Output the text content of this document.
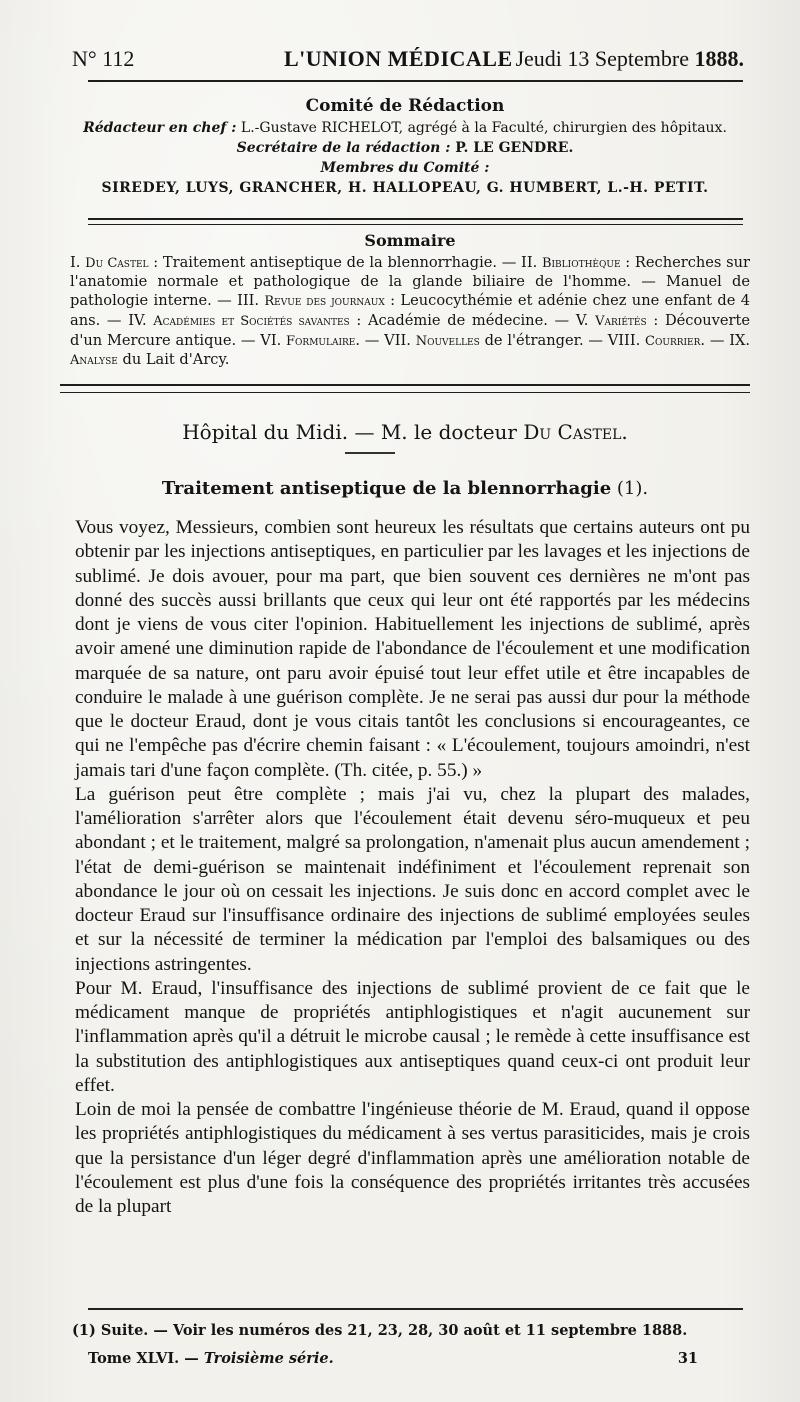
N° 112	L'UNION MÉDICALE Jeudi 13 Septembre 1888.
Comité de Rédaction
Rédacteur en chef : L.-Gustave RICHELOT, agrégé à la Faculté, chirurgien des hôpitaux.
Secrétaire de la rédaction : P. LE GENDRE.
Membres du Comité :
SIREDEY, LUYS, GRANCHER, H. HALLOPEAU, G. HUMBERT, L.-H. PETIT.
Sommaire
I. Du Castel : Traitement antiseptique de la blennorrhagie. — II. Bibliothèque : Recherches sur l'anatomie normale et pathologique de la glande biliaire de l'homme. — Manuel de pathologie interne. — III. Revue des journaux : Leucocythémie et adénie chez une enfant de 4 ans. — IV. Académies et Sociétés savantes : Académie de médecine. — V. Variétés : Découverte d'un Mercure antique. — VI. Formulaire. — VII. Nouvelles de l'étranger. — VIII. Courrier. — IX. Analyse du Lait d'Arcy.
Hôpital du Midi. — M. le docteur Du Castel.
Traitement antiseptique de la blennorrhagie (1).

Vous voyez, Messieurs, combien sont heureux les résultats que certains auteurs ont pu obtenir par les injections antiseptiques, en particulier par les lavages et les injections de sublimé. Je dois avouer, pour ma part, que bien souvent ces dernières ne m'ont pas donné des succès aussi brillants que ceux qui leur ont été rapportés par les médecins dont je viens de vous citer l'opinion. Habituellement les injections de sublimé, après avoir amené une diminution rapide de l'abondance de l'écoulement et une modification marquée de sa nature, ont paru avoir épuisé tout leur effet utile et être incapables de conduire le malade à une guérison complète. Je ne serai pas aussi dur pour la méthode que le docteur Eraud, dont je vous citais tantôt les conclusions si encourageantes, ce qui ne l'empêche pas d'écrire chemin faisant : « L'écoulement, toujours amoindri, n'est jamais tari d'une façon complète. (Th. citée, p. 55.) »

La guérison peut être complète ; mais j'ai vu, chez la plupart des malades, l'amélioration s'arrêter alors que l'écoulement était devenu séro-muqueux et peu abondant ; et le traitement, malgré sa prolongation, n'amenait plus aucun amendement ; l'état de demi-guérison se maintenait indéfiniment et l'écoulement reprenait son abondance le jour où on cessait les injections. Je suis donc en accord complet avec le docteur Eraud sur l'insuffisance ordinaire des injections de sublimé employées seules et sur la nécessité de terminer la médication par l'emploi des balsamiques ou des injections astringentes.

Pour M. Eraud, l'insuffisance des injections de sublimé provient de ce fait que le médicament manque de propriétés antiphlogistiques et n'agit aucunement sur l'inflammation après qu'il a détruit le microbe causal ; le remède à cette insuffisance est la substitution des antiphlogistiques aux antiseptiques quand ceux-ci ont produit leur effet.

Loin de moi la pensée de combattre l'ingénieuse théorie de M. Eraud, quand il oppose les propriétés antiphlogistiques du médicament à ses vertus parasiticides, mais je crois que la persistance d'un léger degré d'inflammation après une amélioration notable de l'écoulement est plus d'une fois la conséquence des propriétés irritantes très accusées de la plupart

(1) Suite. — Voir les numéros des 21, 23, 28, 30 août et 11 septembre 1888.
Tome XLVI. — Troisième série.	31
